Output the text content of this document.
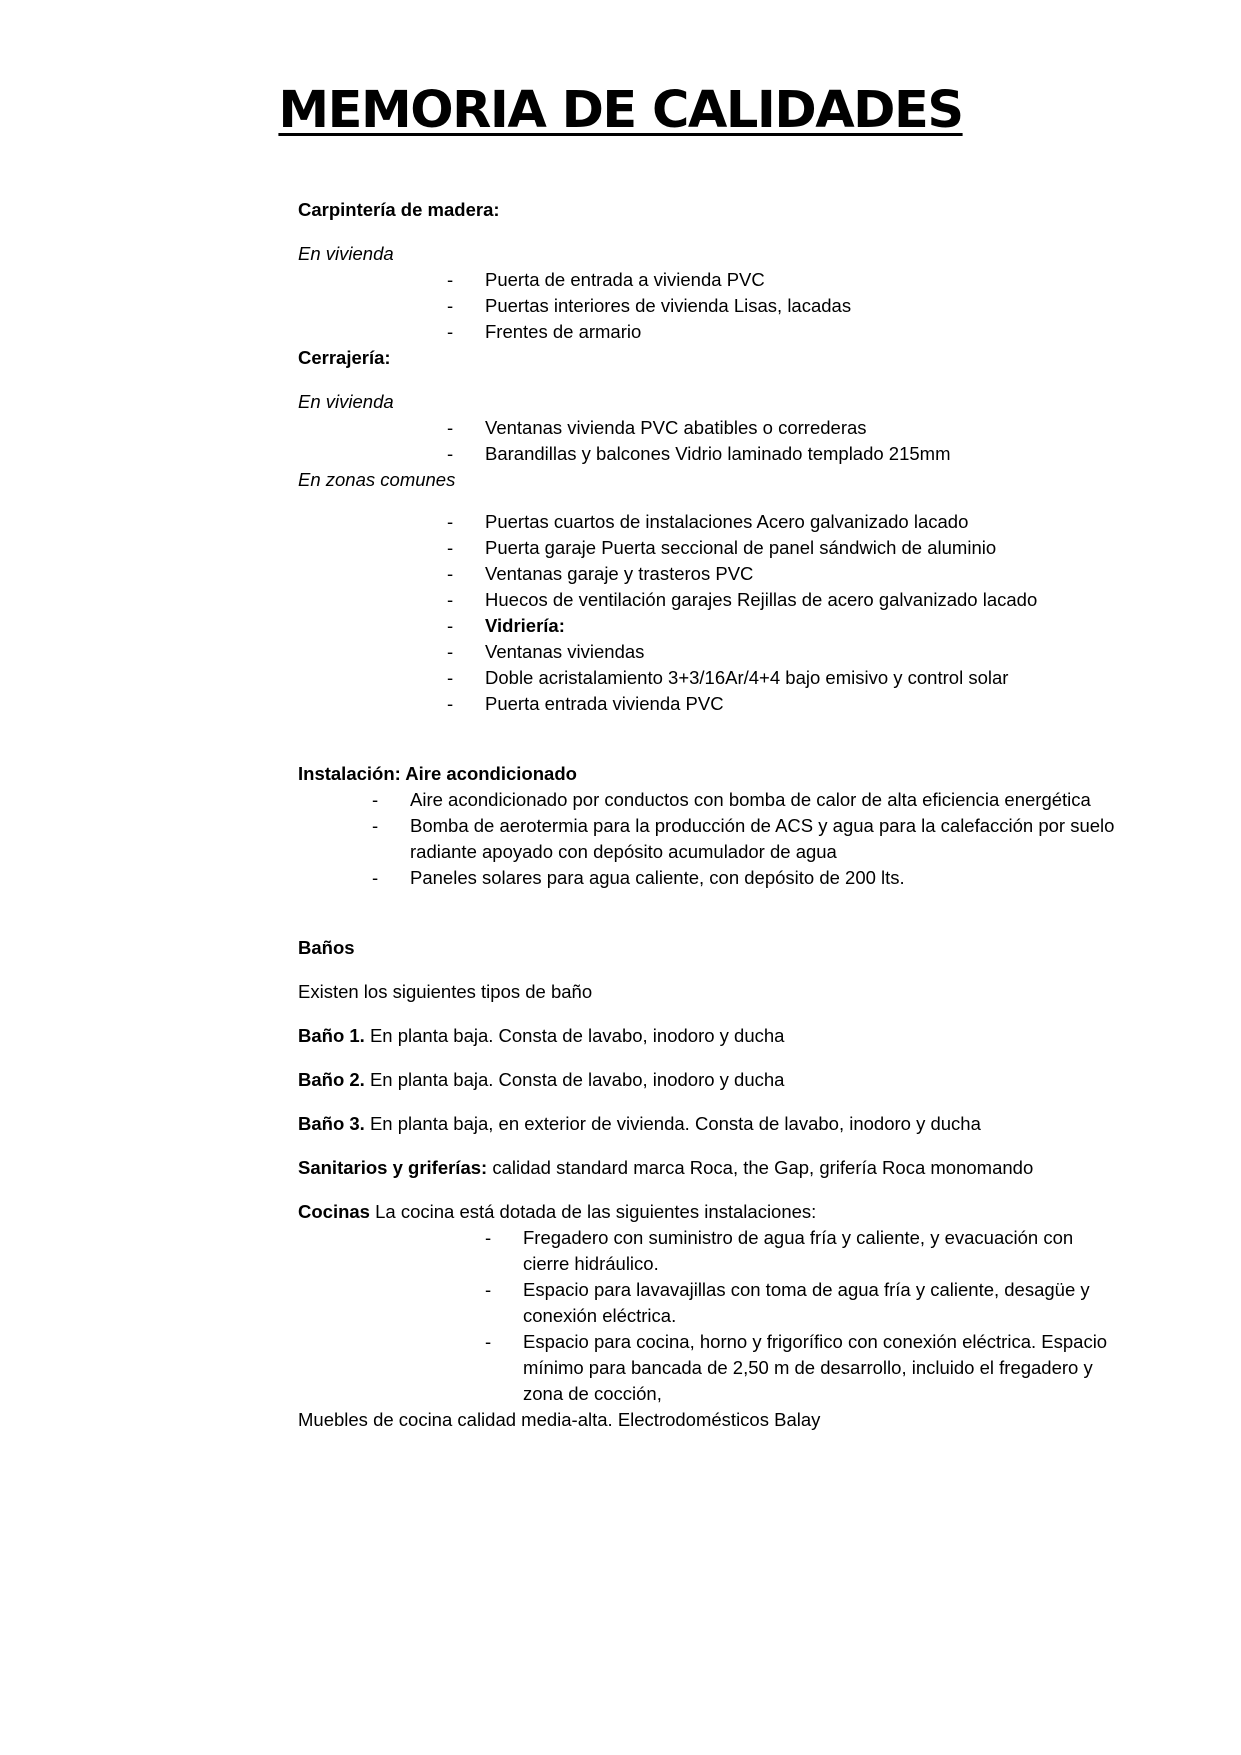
MEMORIA DE CALIDADES

Carpintería de madera:

En vivienda

- Puerta de entrada a vivienda PVC
- Puertas interiores de vivienda Lisas, lacadas
- Frentes de armario

Cerrajería:

En vivienda

- Ventanas vivienda PVC abatibles o correderas
- Barandillas y balcones Vidrio laminado templado 215mm

En zonas comunes

- Puertas cuartos de instalaciones Acero galvanizado lacado
- Puerta garaje Puerta seccional de panel sándwich de aluminio
- Ventanas garaje y trasteros PVC
- Huecos de ventilación garajes Rejillas de acero galvanizado lacado
- Vidriería:
- Ventanas viviendas
- Doble acristalamiento 3+3/16Ar/4+4 bajo emisivo y control solar
- Puerta entrada vivienda PVC

Instalación: Aire acondicionado

- Aire acondicionado por conductos con bomba de calor de alta eficiencia energética
- Bomba de aerotermia para la producción de ACS y agua para la calefacción por suelo radiante apoyado con depósito acumulador de agua
- Paneles solares para agua caliente, con depósito de 200 lts.

Baños

Existen los siguientes tipos de baño

Baño 1. En planta baja. Consta de lavabo, inodoro y ducha

Baño 2. En planta baja. Consta de lavabo, inodoro y ducha

Baño 3. En planta baja, en exterior de vivienda. Consta de lavabo, inodoro y ducha

Sanitarios y griferías: calidad standard marca Roca, the Gap, grifería Roca monomando

Cocinas La cocina está dotada de las siguientes instalaciones:

- Fregadero con suministro de agua fría y caliente, y evacuación con cierre hidráulico.
- Espacio para lavavajillas con toma de agua fría y caliente, desagüe y conexión eléctrica.
- Espacio para cocina, horno y frigorífico con conexión eléctrica. Espacio mínimo para bancada de 2,50 m de desarrollo, incluido el fregadero y zona de cocción,

Muebles de cocina calidad media-alta. Electrodomésticos Balay
